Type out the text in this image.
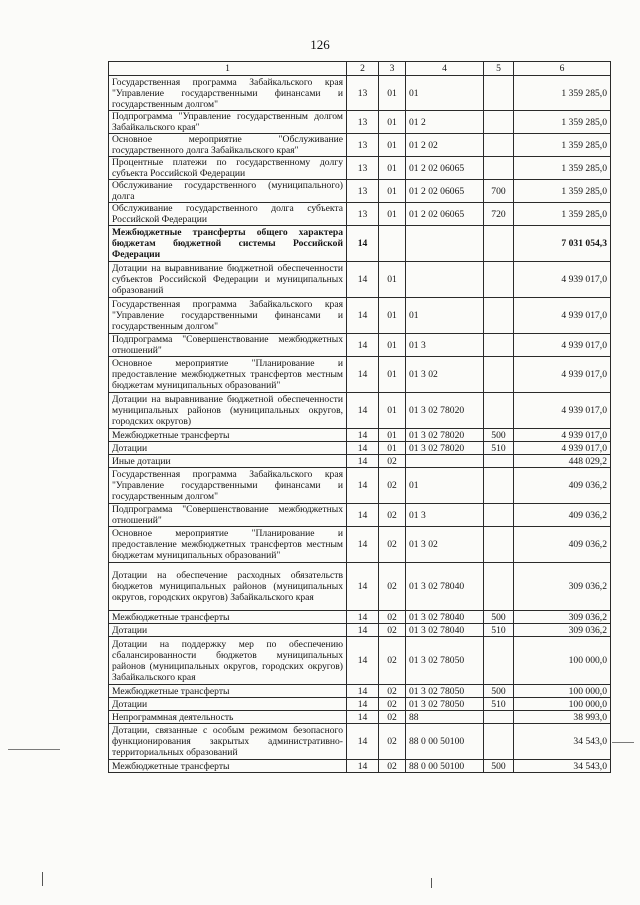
126
1	2	3	4	5	6
Государственная программа Забайкальского края "Управление государственными финансами и государственным долгом"	13	01	01		1 359 285,0
Подпрограмма "Управление государственным долгом Забайкальского края"	13	01	01 2		1 359 285,0
Основное мероприятие "Обслуживание государственного долга Забайкальского края"	13	01	01 2 02		1 359 285,0
Процентные платежи по государственному долгу субъекта Российской Федерации	13	01	01 2 02 06065		1 359 285,0
Обслуживание государственного (муниципального) долга	13	01	01 2 02 06065	700	1 359 285,0
Обслуживание государственного долга субъекта Российской Федерации	13	01	01 2 02 06065	720	1 359 285,0
Межбюджетные трансферты общего характера бюджетам бюджетной системы Российской Федерации	14				7 031 054,3
Дотации на выравнивание бюджетной обеспеченности субъектов Российской Федерации и муниципальных образований	14	01			4 939 017,0
Государственная программа Забайкальского края "Управление государственными финансами и государственным долгом"	14	01	01		4 939 017,0
Подпрограмма "Совершенствование межбюджетных отношений"	14	01	01 3		4 939 017,0
Основное мероприятие "Планирование и предоставление межбюджетных трансфертов местным бюджетам муниципальных образований"	14	01	01 3 02		4 939 017,0
Дотации на выравнивание бюджетной обеспеченности муниципальных районов (муниципальных округов, городских округов)	14	01	01 3 02 78020		4 939 017,0
Межбюджетные трансферты	14	01	01 3 02 78020	500	4 939 017,0
Дотации	14	01	01 3 02 78020	510	4 939 017,0
Иные дотации	14	02			448 029,2
Государственная программа Забайкальского края "Управление государственными финансами и государственным долгом"	14	02	01		409 036,2
Подпрограмма "Совершенствование межбюджетных отношений"	14	02	01 3		409 036,2
Основное мероприятие "Планирование и предоставление межбюджетных трансфертов местным бюджетам муниципальных образований"	14	02	01 3 02		409 036,2
Дотации на обеспечение расходных обязательств бюджетов муниципальных районов (муниципальных округов, городских округов) Забайкальского края	14	02	01 3 02 78040		309 036,2
Межбюджетные трансферты	14	02	01 3 02 78040	500	309 036,2
Дотации	14	02	01 3 02 78040	510	309 036,2
Дотации на поддержку мер по обеспечению сбалансированности бюджетов муниципальных районов (муниципальных округов, городских округов) Забайкальского края	14	02	01 3 02 78050		100 000,0
Межбюджетные трансферты	14	02	01 3 02 78050	500	100 000,0
Дотации	14	02	01 3 02 78050	510	100 000,0
Непрограммная деятельность	14	02	88		38 993,0
Дотации, связанные с особым режимом безопасного функционирования закрытых административно-территориальных образований	14	02	88 0 00 50100		34 543,0
Межбюджетные трансферты	14	02	88 0 00 50100	500	34 543,0
